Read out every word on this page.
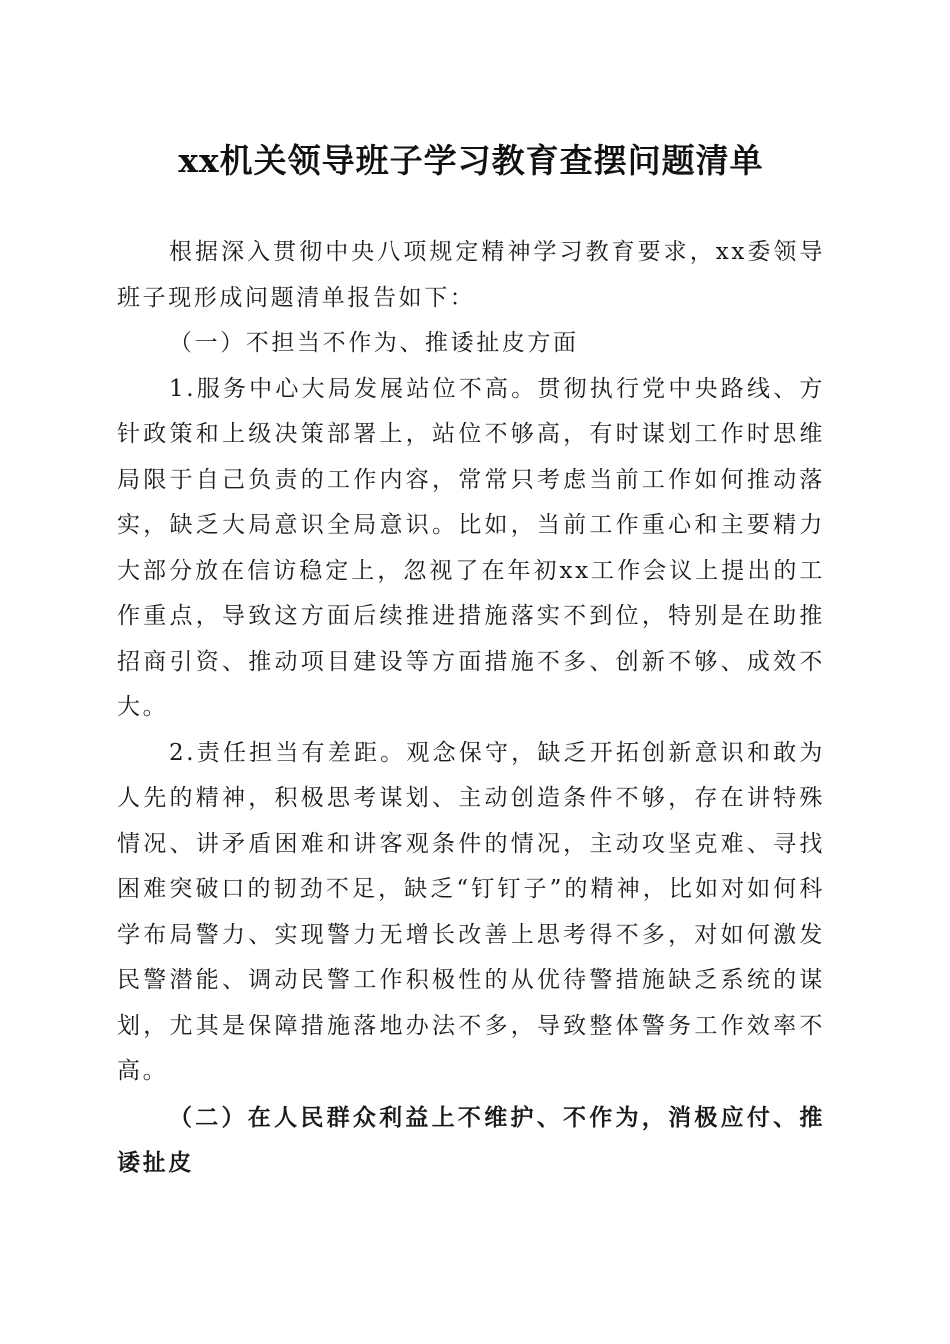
xx机关领导班子学习教育查摆问题清单

根据深入贯彻中央八项规定精神学习教育要求，xx委领导班子现形成问题清单报告如下：

（一）不担当不作为、推诿扯皮方面

1.服务中心大局发展站位不高。贯彻执行党中央路线、方针政策和上级决策部署上，站位不够高，有时谋划工作时思维局限于自己负责的工作内容，常常只考虑当前工作如何推动落实，缺乏大局意识全局意识。比如，当前工作重心和主要精力大部分放在信访稳定上，忽视了在年初xx工作会议上提出的工作重点，导致这方面后续推进措施落实不到位，特别是在助推招商引资、推动项目建设等方面措施不多、创新不够、成效不大。

2.责任担当有差距。观念保守，缺乏开拓创新意识和敢为人先的精神，积极思考谋划、主动创造条件不够，存在讲特殊情况、讲矛盾困难和讲客观条件的情况，主动攻坚克难、寻找困难突破口的韧劲不足，缺乏“钉钉子”的精神，比如对如何科学布局警力、实现警力无增长改善上思考得不多，对如何激发民警潜能、调动民警工作积极性的从优待警措施缺乏系统的谋划，尤其是保障措施落地办法不多，导致整体警务工作效率不高。

（二）在人民群众利益上不维护、不作为，消极应付、推诿扯皮
